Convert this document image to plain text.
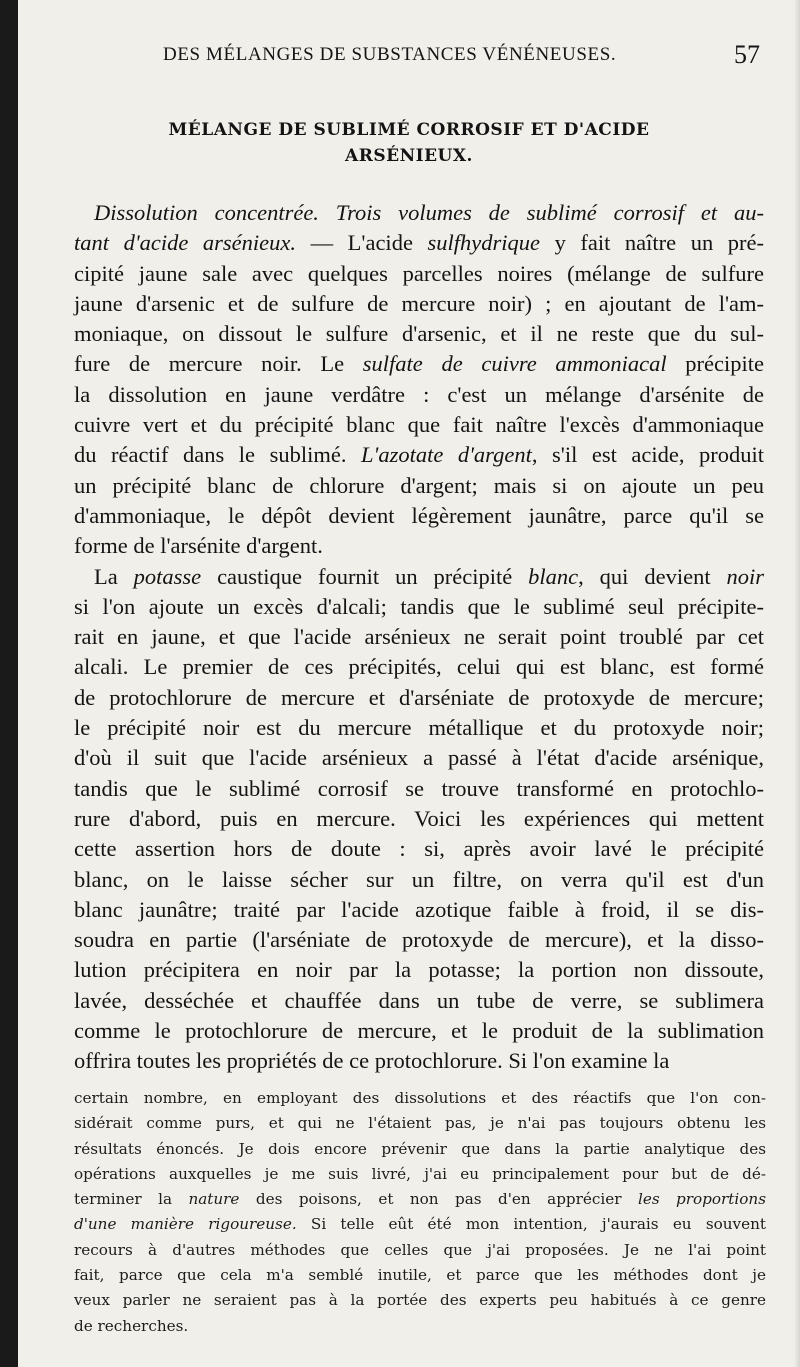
DES MÉLANGES DE SUBSTANCES VÉNÉNEUSES.	57
MÉLANGE DE SUBLIMÉ CORROSIF ET D'ACIDE
ARSÉNIEUX.
Dissolution concentrée. Trois volumes de sublimé corrosif et au-
tant d'acide arsénieux. — L'acide sulfhydrique y fait naître un pré-
cipité jaune sale avec quelques parcelles noires (mélange de sulfure
jaune d'arsenic et de sulfure de mercure noir) ; en ajoutant de l'am-
moniaque, on dissout le sulfure d'arsenic, et il ne reste que du sul-
fure de mercure noir. Le sulfate de cuivre ammoniacal précipite
la dissolution en jaune verdâtre : c'est un mélange d'arsénite de
cuivre vert et du précipité blanc que fait naître l'excès d'ammoniaque
du réactif dans le sublimé. L'azotate d'argent, s'il est acide, produit
un précipité blanc de chlorure d'argent; mais si on ajoute un peu
d'ammoniaque, le dépôt devient légèrement jaunâtre, parce qu'il se
forme de l'arsénite d'argent.
La potasse caustique fournit un précipité blanc, qui devient noir
si l'on ajoute un excès d'alcali; tandis que le sublimé seul précipite-
rait en jaune, et que l'acide arsénieux ne serait point troublé par cet
alcali. Le premier de ces précipités, celui qui est blanc, est formé
de protochlorure de mercure et d'arséniate de protoxyde de mercure;
le précipité noir est du mercure métallique et du protoxyde noir;
d'où il suit que l'acide arsénieux a passé à l'état d'acide arsénique,
tandis que le sublimé corrosif se trouve transformé en protochlo-
rure d'abord, puis en mercure. Voici les expériences qui mettent
cette assertion hors de doute : si, après avoir lavé le précipité
blanc, on le laisse sécher sur un filtre, on verra qu'il est d'un
blanc jaunâtre; traité par l'acide azotique faible à froid, il se dis-
soudra en partie (l'arséniate de protoxyde de mercure), et la disso-
lution précipitera en noir par la potasse; la portion non dissoute,
lavée, desséchée et chauffée dans un tube de verre, se sublimera
comme le protochlorure de mercure, et le produit de la sublimation
offrira toutes les propriétés de ce protochlorure. Si l'on examine la
certain nombre, en employant des dissolutions et des réactifs que l'on con-
sidérait comme purs, et qui ne l'étaient pas, je n'ai pas toujours obtenu les
résultats énoncés. Je dois encore prévenir que dans la partie analytique des
opérations auxquelles je me suis livré, j'ai eu principalement pour but de dé-
terminer la nature des poisons, et non pas d'en apprécier les proportions
d'une manière rigoureuse. Si telle eût été mon intention, j'aurais eu souvent
recours à d'autres méthodes que celles que j'ai proposées. Je ne l'ai point
fait, parce que cela m'a semblé inutile, et parce que les méthodes dont je
veux parler ne seraient pas à la portée des experts peu habitués à ce genre
de recherches.
